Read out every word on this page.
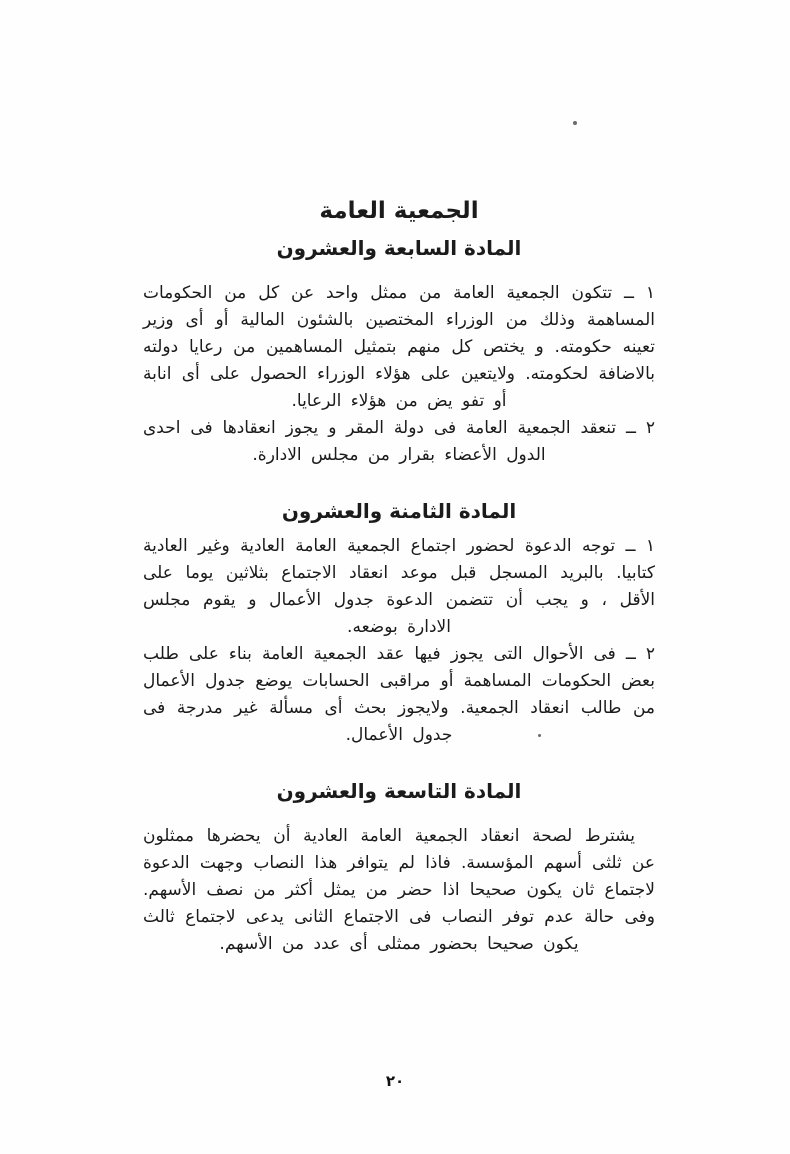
الجمعية العامة
المادة السابعة والعشرون

١ ــتتكون الجمعية العامة من ممثل واحد عن كل من الحكومات المساهمة وذلك من الوزراء المختصين بالشئون المالية أو أى وزير تعينه حكومته. و يختص كل منهم بتمثيل المساهمين من رعايا دولته بالاضافة لحكومته. ولايتعين على هؤلاء الوزراء الحصول على أى انابة أو تفو يض من هؤلاء الرعايا.

٢ ــتنعقد الجمعية العامة فى دولة المقر و يجوز انعقادها فى احدى الدول الأعضاء بقرار من مجلس الادارة.

المادة الثامنة والعشرون

١ ــتوجه الدعوة لحضور اجتماع الجمعية العامة العادية وغير العادية كتابيا. بالبريد المسجل قبل موعد انعقاد الاجتماع بثلاثين يوما على الأقل ، و يجب أن تتضمن الدعوة جدول الأعمال و يقوم مجلس الادارة بوضعه.

٢ ــفى الأحوال التى يجوز فيها عقد الجمعية العامة بناء على طلب بعض الحكومات المساهمة أو مراقبى الحسابات يوضع جدول الأعمال من طالب انعقاد الجمعية. ولايجوز بحث أى مسألة غير مدرجة فى جدول الأعمال.

المادة التاسعة والعشرون

يشترط لصحة انعقاد الجمعية العامة العادية أن يحضرها ممثلون عن ثلثى أسهم المؤسسة. فاذا لم يتوافر هذا النصاب وجهت الدعوة لاجتماع ثان يكون صحيحا اذا حضر من يمثل أكثر من نصف الأسهم. وفى حالة عدم توفر النصاب فى الاجتماع الثانى يدعى لاجتماع ثالث يكون صحيحا بحضور ممثلى أى عدد من الأسهم.

٢٠
